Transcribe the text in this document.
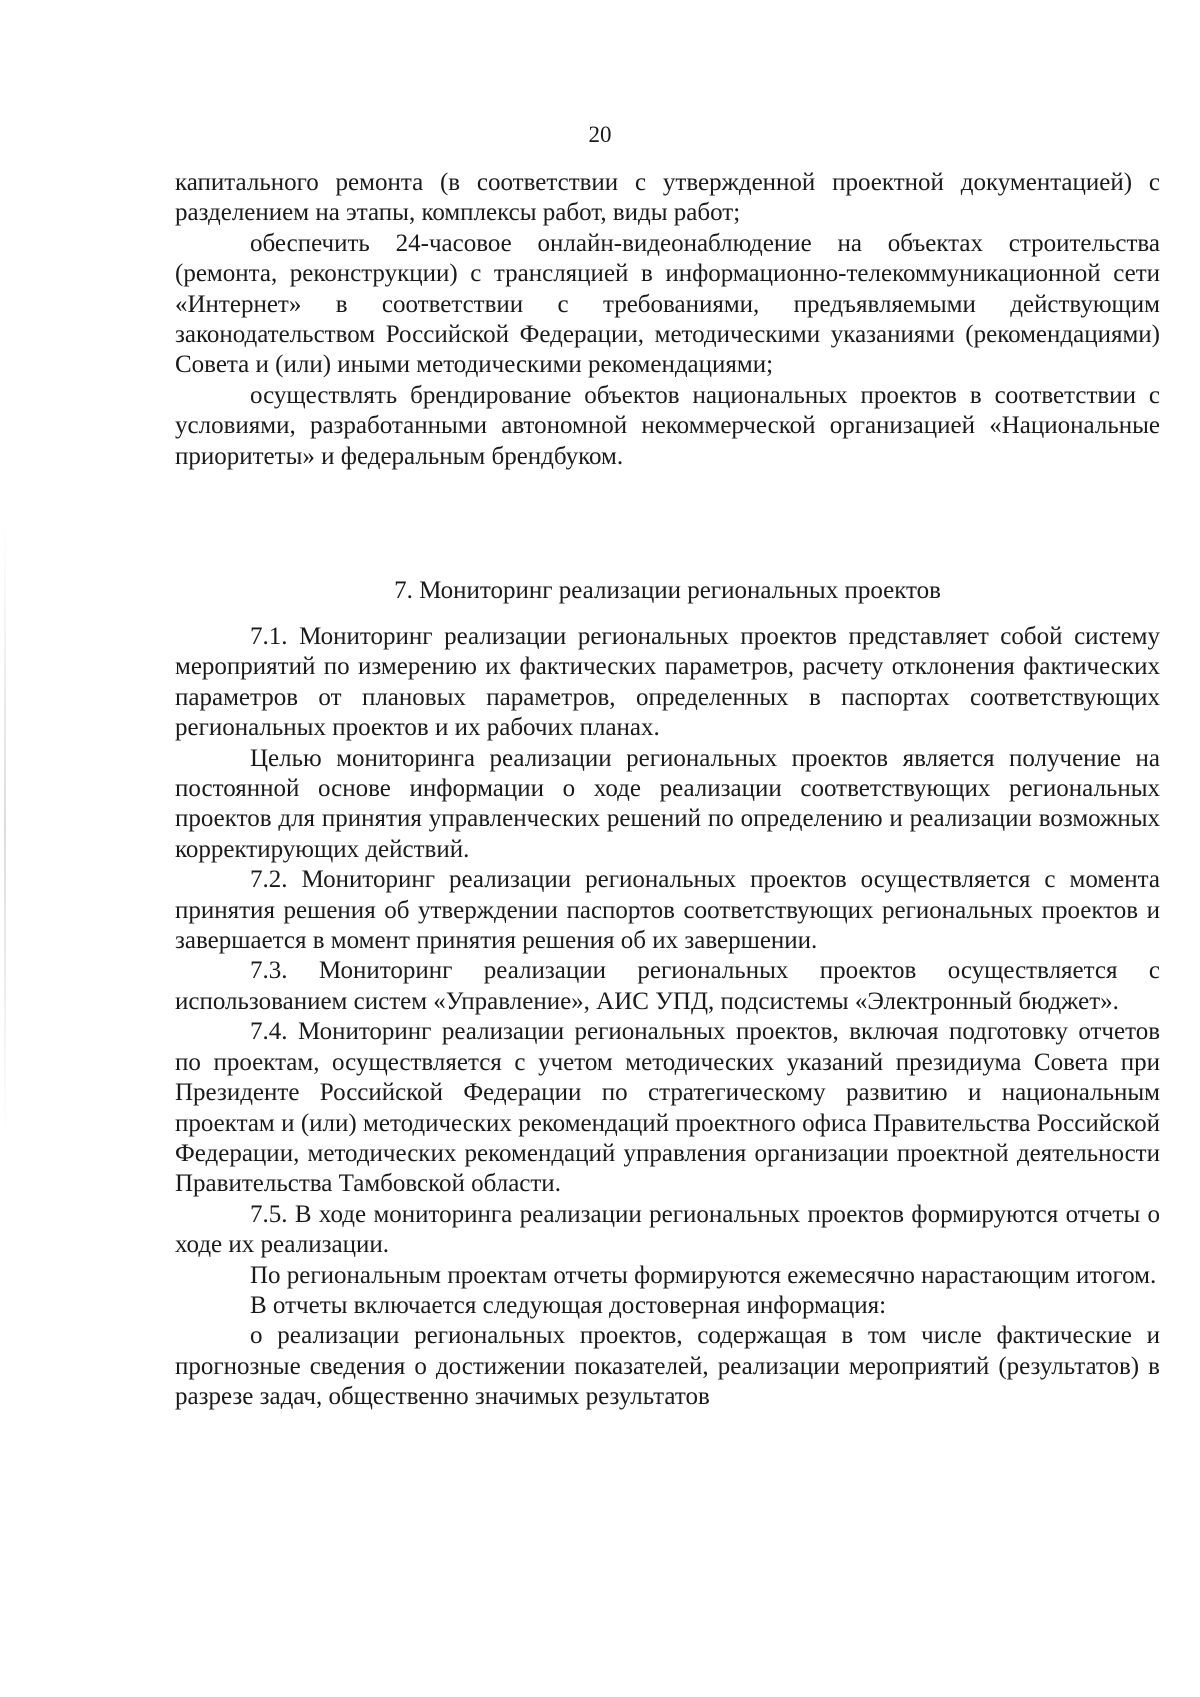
20

капитального ремонта (в соответствии с утвержденной проектной документацией) с разделением на этапы, комплексы работ, виды работ;

обеспечить 24-часовое онлайн-видеонаблюдение на объектах строительства (ремонта, реконструкции) с трансляцией в информационно-телекоммуникационной сети «Интернет» в соответствии с требованиями, предъявляемыми действующим законодательством Российской Федерации, методическими указаниями (рекомендациями) Совета и (или) иными методическими рекомендациями;

осуществлять брендирование объектов национальных проектов в соответствии с условиями, разработанными автономной некоммерческой организацией «Национальные приоритеты» и федеральным брендбуком.

7. Мониторинг реализации региональных проектов

7.1. Мониторинг реализации региональных проектов представляет собой систему мероприятий по измерению их фактических параметров, расчету отклонения фактических параметров от плановых параметров, определенных в паспортах соответствующих региональных проектов и их рабочих планах.

Целью мониторинга реализации региональных проектов является получение на постоянной основе информации о ходе реализации соответствующих региональных проектов для принятия управленческих решений по определению и реализации возможных корректирующих действий.

7.2. Мониторинг реализации региональных проектов осуществляется с момента принятия решения об утверждении паспортов соответствующих региональных проектов и завершается в момент принятия решения об их завершении.

7.3. Мониторинг реализации региональных проектов осуществляется с использованием систем «Управление», АИС УПД, подсистемы «Электронный бюджет».

7.4. Мониторинг реализации региональных проектов, включая подготовку отчетов по проектам, осуществляется с учетом методических указаний президиума Совета при Президенте Российской Федерации по стратегическому развитию и национальным проектам и (или) методических рекомендаций проектного офиса Правительства Российской Федерации, методических рекомендаций управления организации проектной деятельности Правительства Тамбовской области.

7.5. В ходе мониторинга реализации региональных проектов формируются отчеты о ходе их реализации.

По региональным проектам отчеты формируются ежемесячно нарастающим итогом.

В отчеты включается следующая достоверная информация:

о реализации региональных проектов, содержащая в том числе фактические и прогнозные сведения о достижении показателей, реализации мероприятий (результатов) в разрезе задач, общественно значимых результатов
